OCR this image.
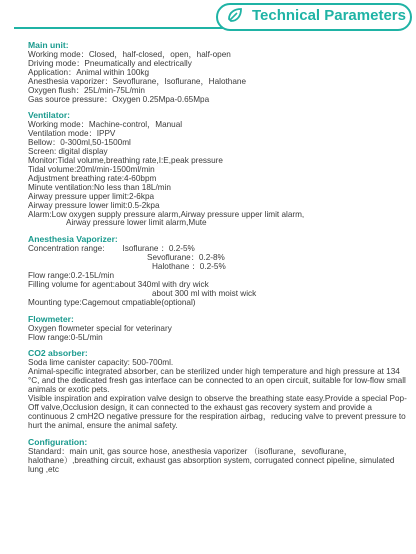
Technical Parameters
Main unit:
Working mode：Closed，half-closed，open，half-open
Driving mode：Pneumatically and electrically
Application：Animal within 100kg
Anesthesia vaporizer：Sevoflurane，Isoflurane，Halothane
Oxygen flush：25L/min-75L/min
Gas source pressure：Oxygen 0.25Mpa-0.65Mpa
Ventilator:
Working mode：Machine-control，Manual
Ventilation mode：IPPV
Bellow：0-300ml,50-1500ml
Screen: digital display
Monitor:Tidal volume,breathing rate,I:E,peak pressure
Tidal volume:20ml/min-1500ml/min
Adjustment breathing rate:4-60bpm
Minute ventilation:No less than 18L/min
Airway pressure upper limit:2-6kpa
Airway pressure lower limit:0.5-2kpa
Alarm:Low oxygen supply pressure alarm,Airway pressure upper limit alarm,
Airway pressure lower limit alarm,Mute
Anesthesia Vaporizer:
Concentration range: Isoflurane ：0.2-5%
Sevoflurane：0.2-8%
Halothane ：0.2-5%
Flow range:0.2-15L/min
Filling volume for agent:about 340ml with dry wick
about 300 ml with moist wick
Mounting type:Cagemout cmpatiable(optional)
Flowmeter:
Oxygen flowmeter special for veterinary
Flow range:0-5L/min
CO2 absorber:
Soda lime canister capacity: 500-700ml.
Animal-specific integrated absorber, can be sterilized under high temperature and high pressure at 134 °C, and the dedicated fresh gas interface can be connected to an open circuit, suitable for low-flow small animals or exotic pets.
Visible inspiration and expiration valve design to observe the breathing state easy.Provide a special Pop-Off valve,Occlusion design, it can connected to the exhaust gas recovery system and provide a continuous 2 cmH2O negative pressure for the respiration airbag，reducing valve to prevent pressure to hurt the animal, ensure the animal safety.
Configuration:
Standard：main unit, gas source hose, anesthesia vaporizer （isoflurane，sevoflurane，halothane）,breathing circuit, exhaust gas absorption system, corrugated connect pipeline, simulated lung ,etc
